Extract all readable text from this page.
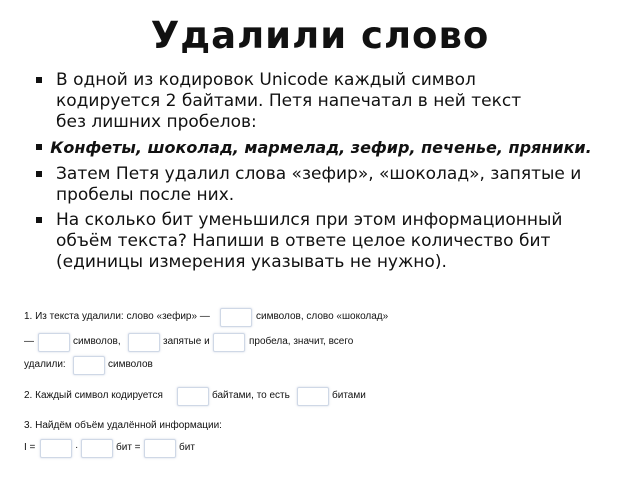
Удалили слово
В одной из кодировок Unicode каждый символ кодируется 2 байтами. Петя напечатал в ней текст без лишних пробелов:

Конфеты, шоколад, мармелад, зефир, печенье, пряники.

Затем Петя удалил слова «зефир», «шоколад», запятые и пробелы после них.
На сколько бит уменьшился при этом информационный объём текста? Напиши в ответе целое количество бит (единицы измерения указывать не нужно).
1. Из текста удалили: слово «зефир» —	символов, слово «шоколад»
—	символов,	запятые и	пробела, значит, всего
удалили:	символов
2. Каждый символ кодируется	байтами, то есть	битами
3. Найдём объём удалённой информации:
I =	·	бит =	бит
